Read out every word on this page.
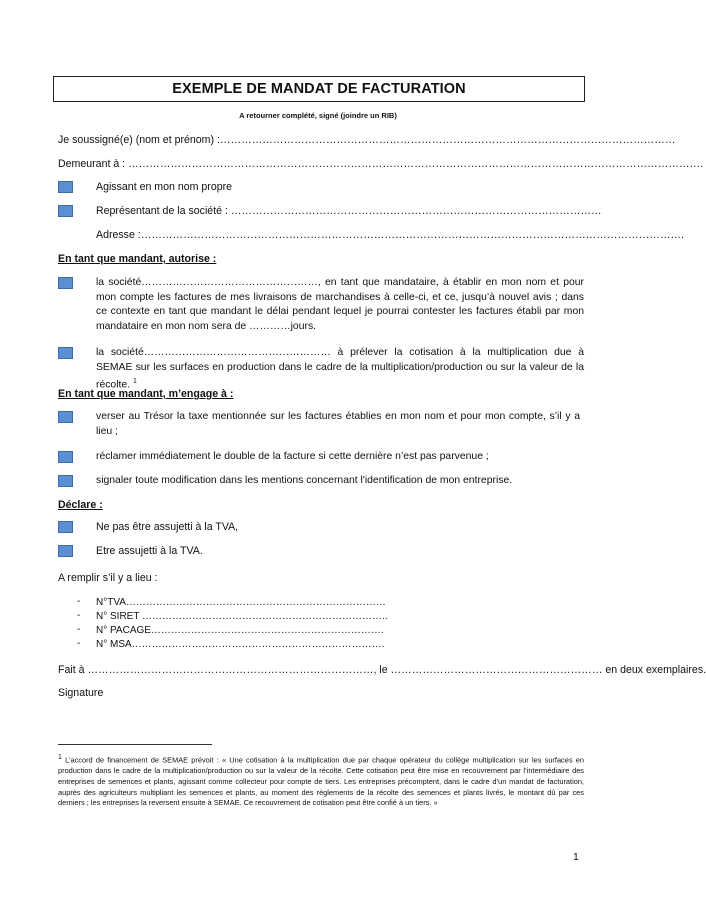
EXEMPLE DE MANDAT DE FACTURATION
A retourner complété, signé (joindre un RIB)
Je soussigné(e) (nom et prénom) :…………………………………………………………………………………………………………………
Demeurant à : ……………………………………………………………………………………………………………………………………………….
Agissant en mon nom propre
Représentant de la société : ……………………………………………………………………………………………
Adresse :……………………………………………………………………………………………………………………………………….
En tant que mandant, autorise :
la société……………………………………………, en tant que mandataire, à établir en mon nom et pour mon compte les factures de mes livraisons de marchandises à celle-ci, et ce, jusqu’à nouvel avis ; dans ce contexte en tant que mandant le délai pendant lequel je pourrai contester les factures établi par mon mandataire en mon nom sera de …………jours.
la société……………………………………………… à prélever la cotisation à la multiplication due à SEMAE sur les surfaces en production dans le cadre de la multiplication/production ou sur la valeur de la récolte. $^1$
En tant que mandant, m’engage à :
verser au Trésor la taxe mentionnée sur les factures établies en mon nom et pour mon compte, s’il y a lieu ;
réclamer immédiatement le double de la facture si cette dernière n’est pas parvenue ;
signaler toute modification dans les mentions concernant l'identification de mon entreprise.
Déclare :
Ne pas être assujetti à la TVA,
Etre assujetti à la TVA.
A remplir s’il y a lieu :
- N°TVA……………………………………………………………………
- N° SIRET ………………………………………………………………..
- N° PACAGE…………………………………………………………….
- N° MSA………………………………………………………………….
Fait à ………………………………………………………………………, le …………………………………………………… en deux exemplaires.
Signature
$^1$ L’accord de financement de SEMAE prévoit : « Une cotisation à la multiplication due par chaque opérateur du collège multiplication sur les surfaces en production dans le cadre de la multiplication/production ou sur la valeur de la récolte. Cette cotisation peut être mise en recouvrement par l’intermédiaire des entreprises de semences et plants, agissant comme collecteur pour compte de tiers. Les entreprises précomptent, dans le cadre d’un mandat de facturation, auprès des agriculteurs multipliant les semences et plants, au moment des règlements de la récolte des semences et plants livrés, le montant dû par ces derniers ; les entreprises la reversent ensuite à SEMAE. Ce recouvrement de cotisation peut être confié à un tiers. »
1
